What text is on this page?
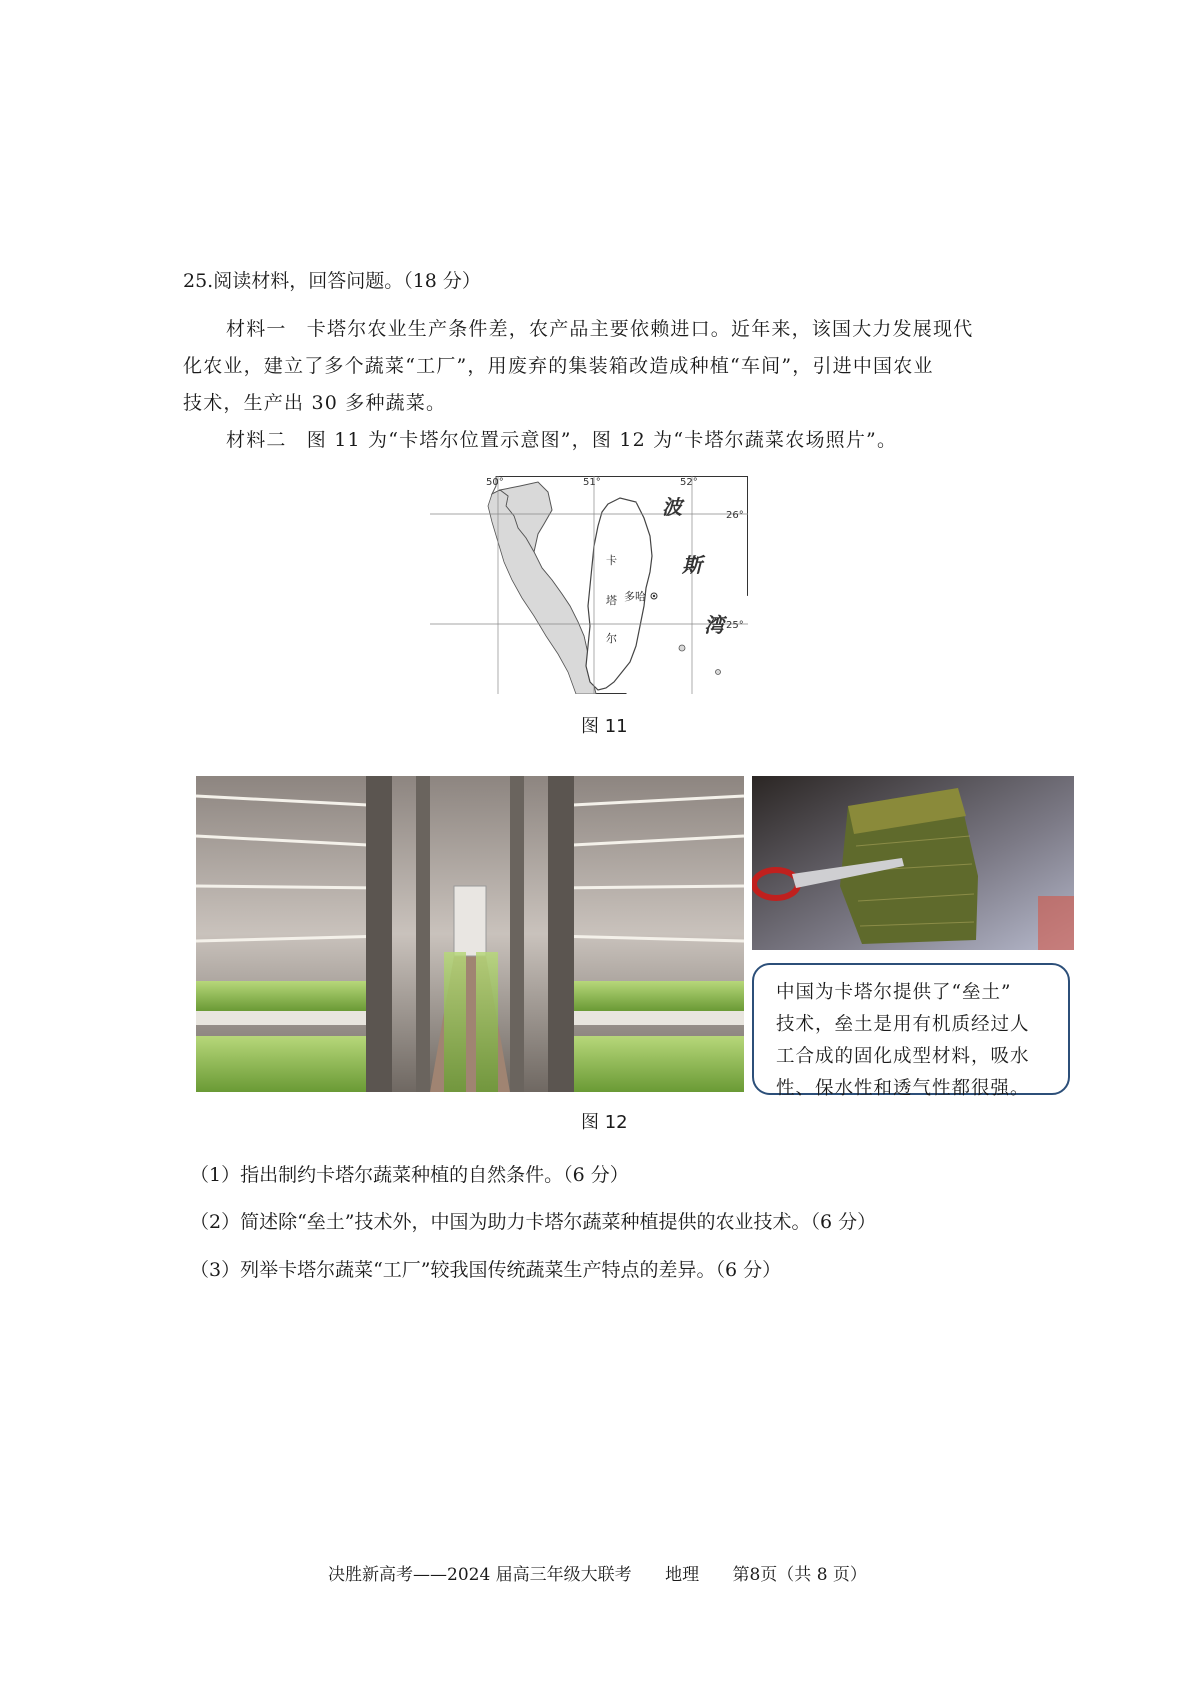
25.阅读材料，回答问题。（18 分）
材料一　卡塔尔农业生产条件差，农产品主要依赖进口。近年来，该国大力发展现代
化农业，建立了多个蔬菜“工厂”，用废弃的集装箱改造成种植“车间”，引进中国农业
技术，生产出 30 多种蔬菜。
材料二　图 11 为“卡塔尔位置示意图”，图 12 为“卡塔尔蔬菜农场照片”。
50°	51°	52°
26°
25°
波
斯
湾
卡
塔
尔
多哈
图 11
中国为卡塔尔提供了“垒土”
技术，垒土是用有机质经过人
工合成的固化成型材料，吸水
性、保水性和透气性都很强。
图 12
（1）指出制约卡塔尔蔬菜种植的自然条件。（6 分）
（2）简述除“垒土”技术外，中国为助力卡塔尔蔬菜种植提供的农业技术。（6 分）
（3）列举卡塔尔蔬菜“工厂”较我国传统蔬菜生产特点的差异。（6 分）
决胜新高考——2024 届高三年级大联考 地理 第8页（共 8 页）
